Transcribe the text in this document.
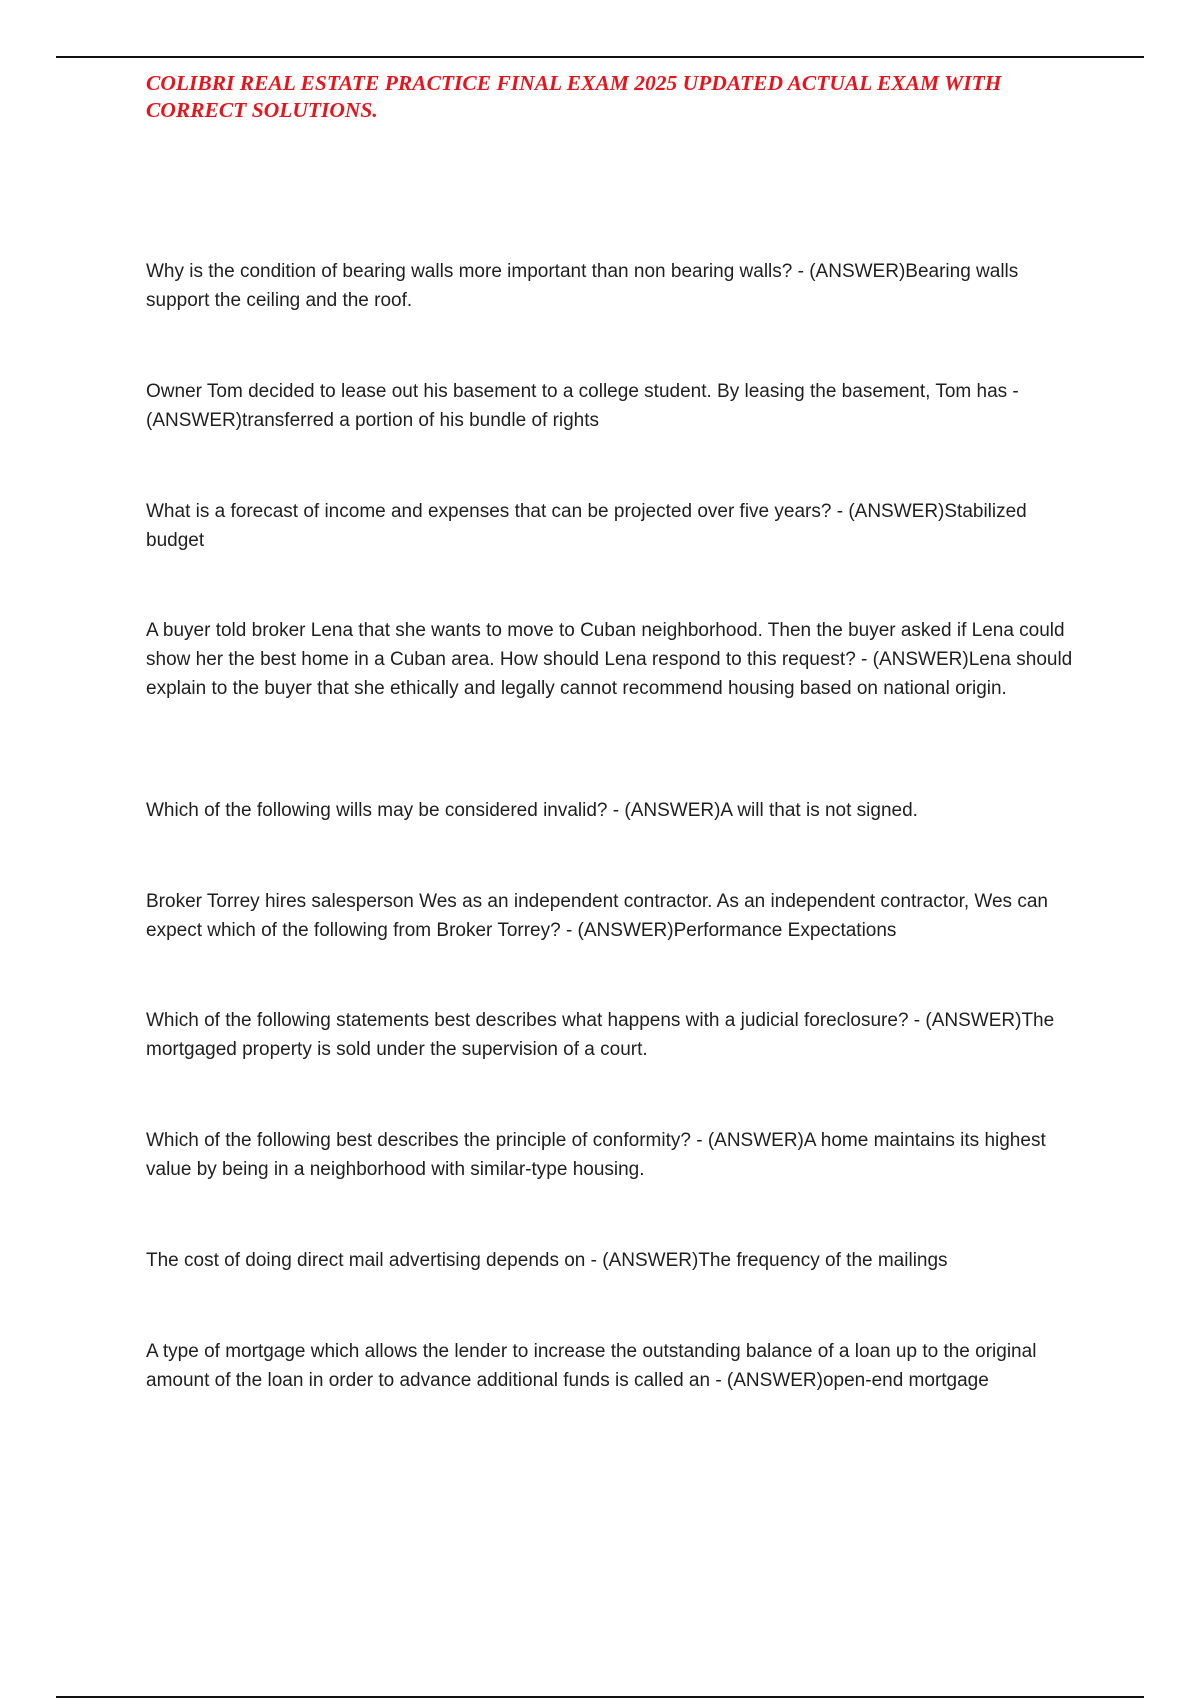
COLIBRI REAL ESTATE PRACTICE FINAL EXAM 2025 UPDATED ACTUAL EXAM WITH CORRECT SOLUTIONS.

Why is the condition of bearing walls more important than non bearing walls? - (ANSWER)Bearing walls support the ceiling and the roof.

Owner Tom decided to lease out his basement to a college student. By leasing the basement, Tom has - (ANSWER)transferred a portion of his bundle of rights

What is a forecast of income and expenses that can be projected over five years? - (ANSWER)Stabilized budget

A buyer told broker Lena that she wants to move to Cuban neighborhood. Then the buyer asked if Lena could show her the best home in a Cuban area. How should Lena respond to this request? - (ANSWER)Lena should explain to the buyer that she ethically and legally cannot recommend housing based on national origin.

Which of the following wills may be considered invalid? - (ANSWER)A will that is not signed.

Broker Torrey hires salesperson Wes as an independent contractor. As an independent contractor, Wes can expect which of the following from Broker Torrey? - (ANSWER)Performance Expectations

Which of the following statements best describes what happens with a judicial foreclosure? - (ANSWER)The mortgaged property is sold under the supervision of a court.

Which of the following best describes the principle of conformity? - (ANSWER)A home maintains its highest value by being in a neighborhood with similar-type housing.

The cost of doing direct mail advertising depends on - (ANSWER)The frequency of the mailings

A type of mortgage which allows the lender to increase the outstanding balance of a loan up to the original amount of the loan in order to advance additional funds is called an - (ANSWER)open-end mortgage
